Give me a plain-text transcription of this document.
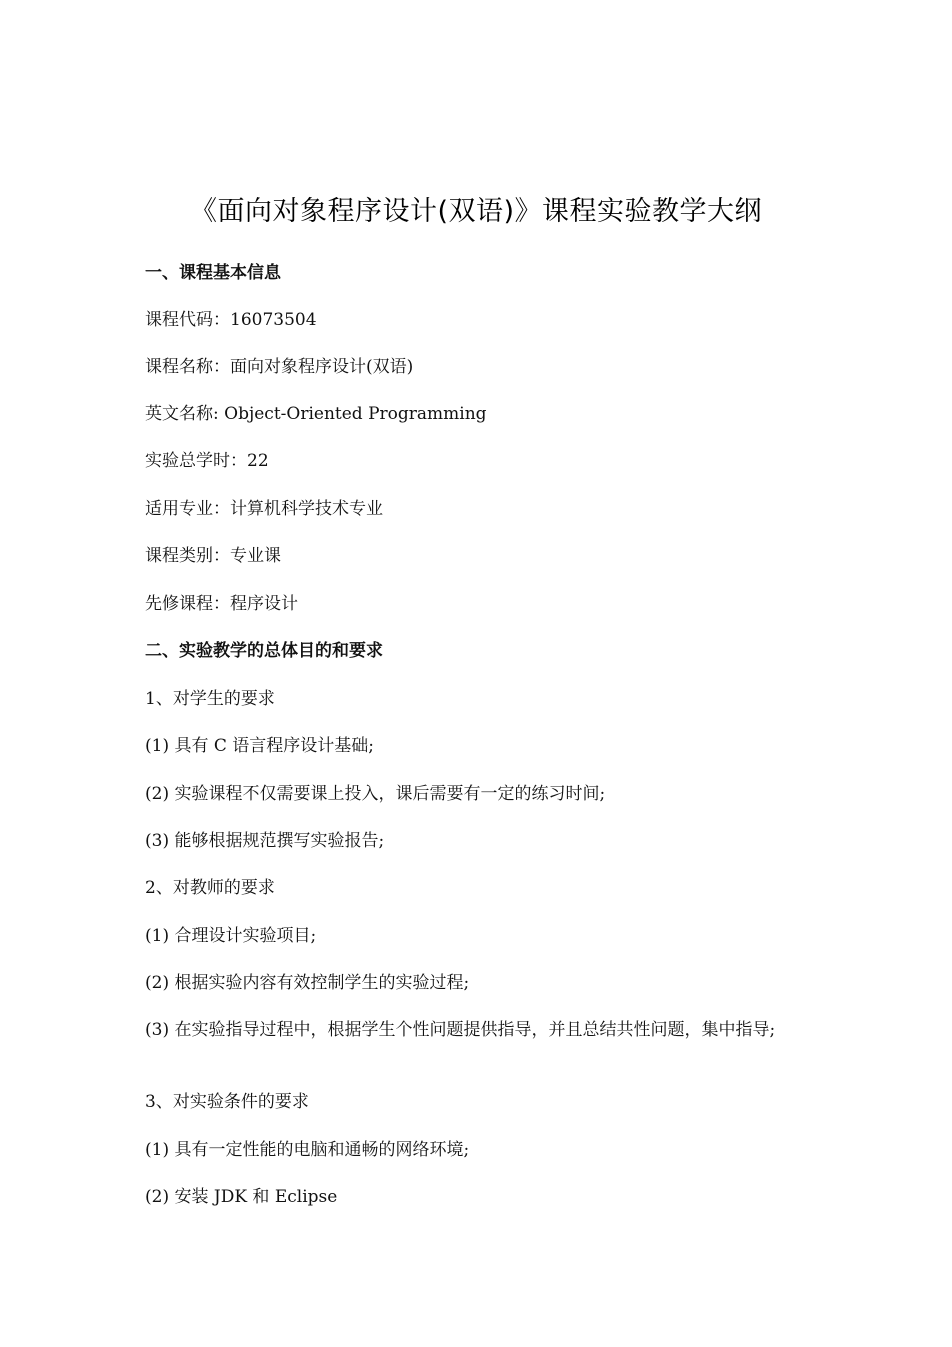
《面向对象程序设计(双语)》课程实验教学大纲
一、课程基本信息
课程代码：16073504
课程名称：面向对象程序设计(双语)
英文名称: Object-Oriented Programming
实验总学时：22
适用专业：计算机科学技术专业
课程类别：专业课
先修课程：程序设计
二、实验教学的总体目的和要求
1、对学生的要求
(1) 具有 C 语言程序设计基础;
(2) 实验课程不仅需要课上投入，课后需要有一定的练习时间;
(3) 能够根据规范撰写实验报告;
2、对教师的要求
(1) 合理设计实验项目;
(2) 根据实验内容有效控制学生的实验过程;
(3) 在实验指导过程中，根据学生个性问题提供指导，并且总结共性问题，集中指导;
3、对实验条件的要求
(1) 具有一定性能的电脑和通畅的网络环境;
(2) 安装 JDK 和 Eclipse
